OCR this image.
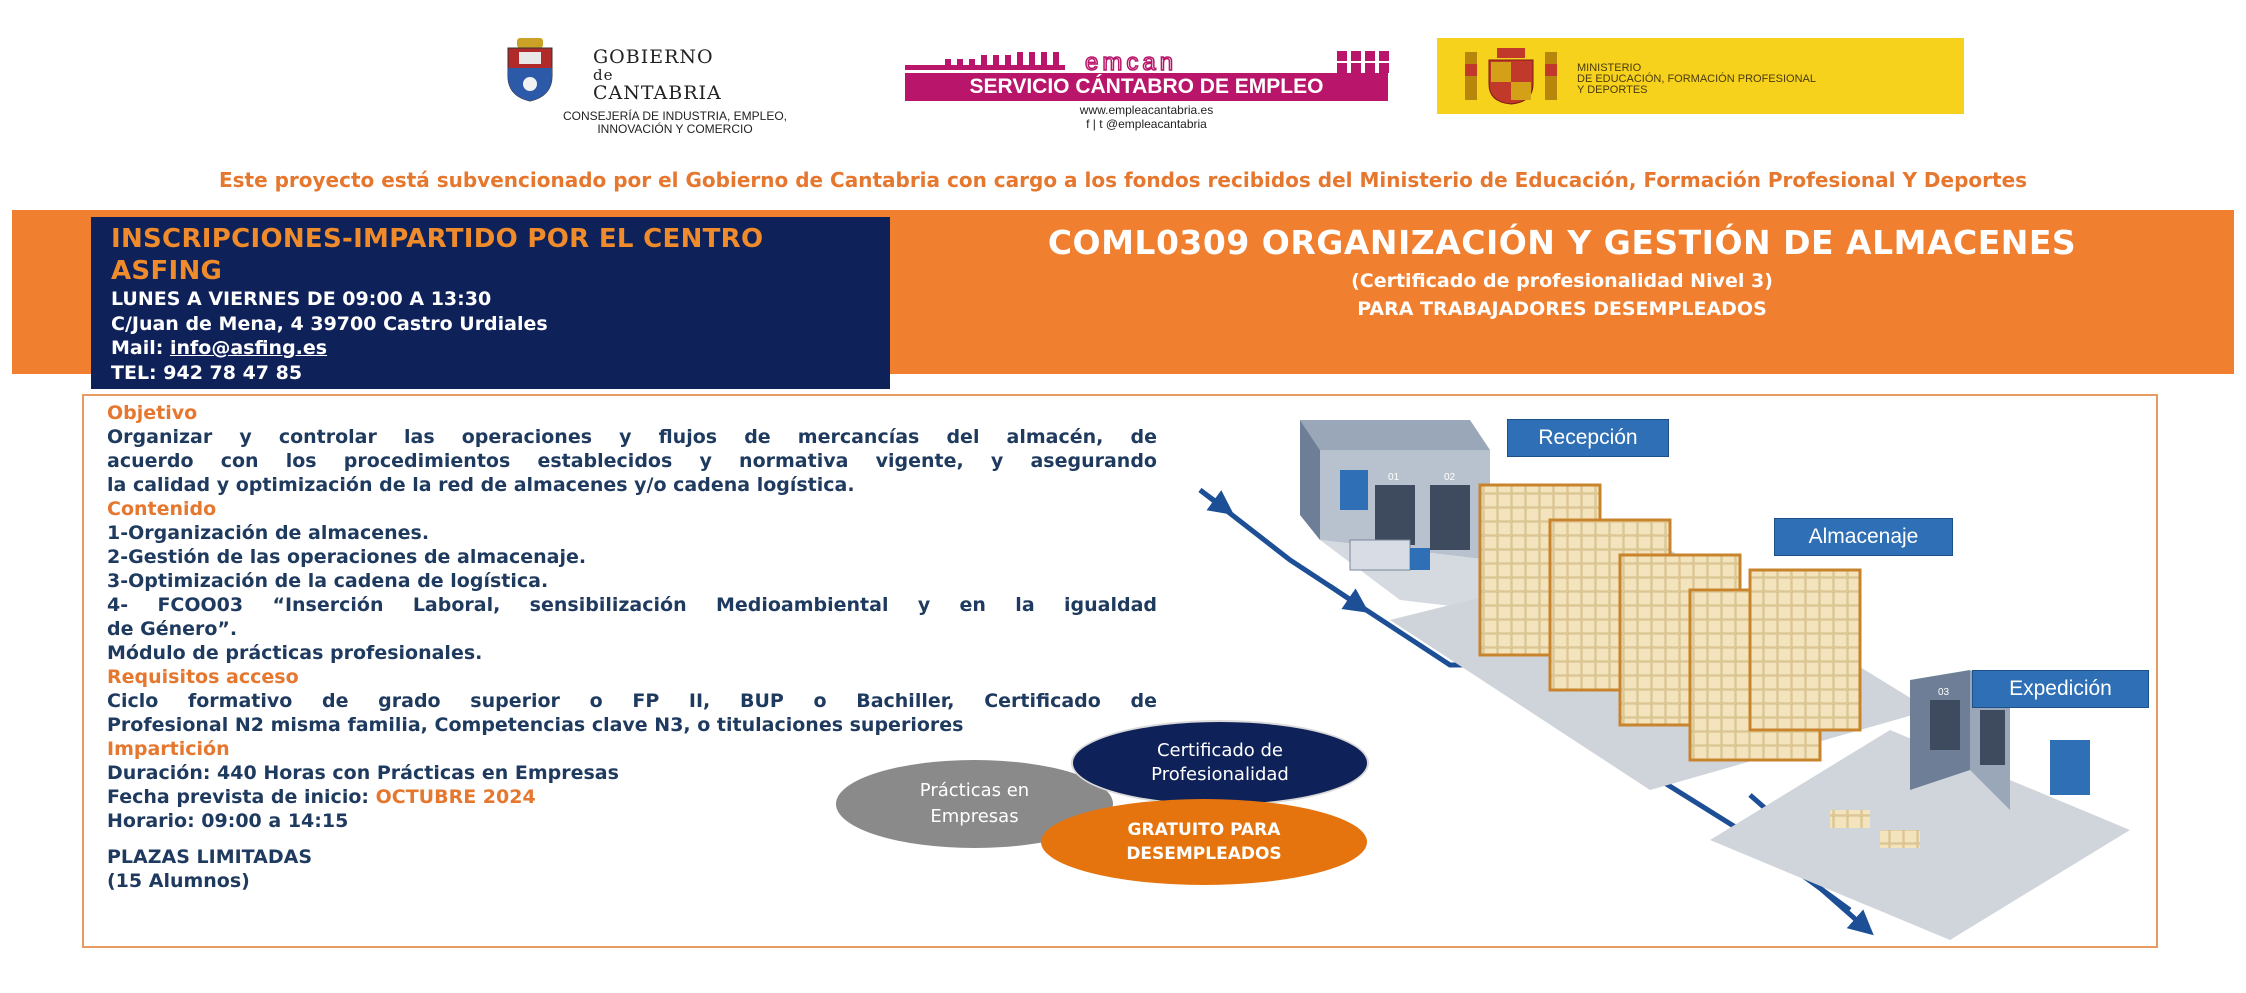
GOBIERNO
de
CANTABRIA
CONSEJERÍA DE INDUSTRIA, EMPLEO,
INNOVACIÓN Y COMERCIO
emcan
SERVICIO CÁNTABRO DE EMPLEO
www.empleacantabria.es
f | t @empleacantabria
MINISTERIO
DE EDUCACIÓN, FORMACIÓN PROFESIONAL
Y DEPORTES
Este proyecto está subvencionado por el Gobierno de Cantabria con cargo a los fondos recibidos del Ministerio de Educación, Formación Profesional Y Deportes
INSCRIPCIONES-IMPARTIDO POR EL CENTRO ASFING
LUNES A VIERNES DE 09:00 A 13:30
C/Juan de Mena, 4 39700 Castro Urdiales
Mail: info@asfing.es
TEL: 942 78 47 85
COML0309 ORGANIZACIÓN Y GESTIÓN DE ALMACENES
(Certificado de profesionalidad Nivel 3)
PARA TRABAJADORES DESEMPLEADOS
Objetivo
Organizar y controlar las operaciones y flujos de mercancías del almacén, de
acuerdo con los procedimientos establecidos y normativa vigente, y asegurando
la calidad y optimización de la red de almacenes y/o cadena logística.
Contenido
1-Organización de almacenes.
2-Gestión de las operaciones de almacenaje.
3-Optimización de la cadena de logística.
4- FCOO03 “Inserción Laboral, sensibilización Medioambiental y en la igualdad
de Género”.
Módulo de prácticas profesionales.
Requisitos acceso
Ciclo formativo de grado superior o FP II, BUP o Bachiller, Certificado de
Profesional N2 misma familia, Competencias clave N3, o titulaciones superiores
Impartición
Duración: 440 Horas con Prácticas en Empresas
Fecha prevista de inicio: OCTUBRE 2024
Horario: 09:00 a 14:15
PLAZAS LIMITADAS
(15 Alumnos)
01	02
03
Recepción
Almacenaje
Expedición
Prácticas en
Empresas
Certificado de
Profesionalidad
GRATUITO PARA
DESEMPLEADOS
